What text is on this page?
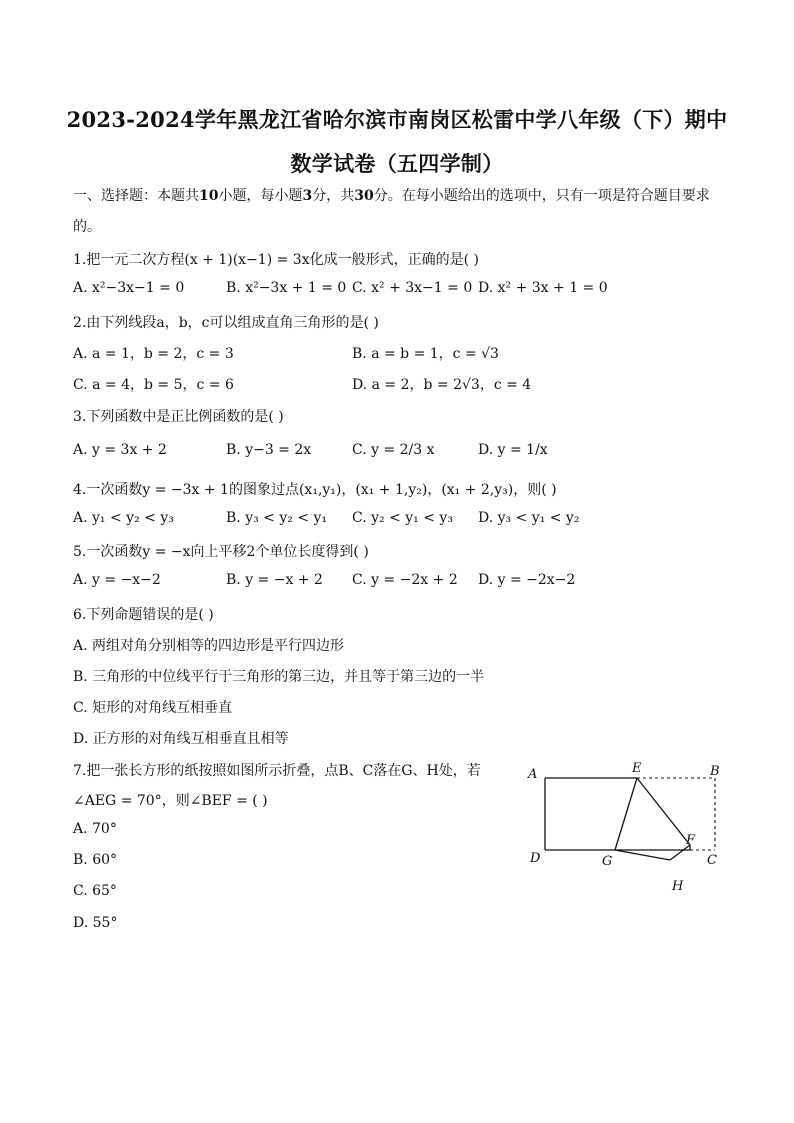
2023-2024学年黑龙江省哈尔滨市南岗区松雷中学八年级（下）期中
数学试卷（五四学制）
一、选择题：本题共10小题，每小题3分，共30分。在每小题给出的选项中，只有一项是符合题目要求的。
1.把一元二次方程(x + 1)(x−1) = 3x化成一般形式，正确的是( )
A. x²−3x−1 = 0	B. x²−3x + 1 = 0 C. x² + 3x−1 = 0 D. x² + 3x + 1 = 0
2.由下列线段a，b，c可以组成直角三角形的是( )
A. a = 1，b = 2，c = 3	B. a = b = 1，c = √3
C. a = 4，b = 5，c = 6	D. a = 2，b = 2√3，c = 4
3.下列函数中是正比例函数的是( )
A. y = 3x + 2	B. y−3 = 2x	C. y = 2/3 x	D. y = 1/x
4.一次函数y = −3x + 1的图象过点(x₁,y₁)，(x₁ + 1,y₂)，(x₁ + 2,y₃)，则( )
A. y₁ < y₂ < y₃	B. y₃ < y₂ < y₁ C. y₂ < y₁ < y₃ D. y₃ < y₁ < y₂
5.一次函数y = −x向上平移2个单位长度得到( )
A. y = −x−2	B. y = −x + 2 C. y = −2x + 2 D. y = −2x−2
6.下列命题错误的是( )
A. 两组对角分别相等的四边形是平行四边形
B. 三角形的中位线平行于三角形的第三边，并且等于第三边的一半
C. 矩形的对角线互相垂直
D. 正方形的对角线互相垂直且相等
7.把一张长方形的纸按照如图所示折叠，点B、C落在G、H处，若
∠AEG = 70°，则∠BEF = ( )
A. 70°
B. 60°
C. 65°
D. 55°
A	E	B
D	G
F
C
H
